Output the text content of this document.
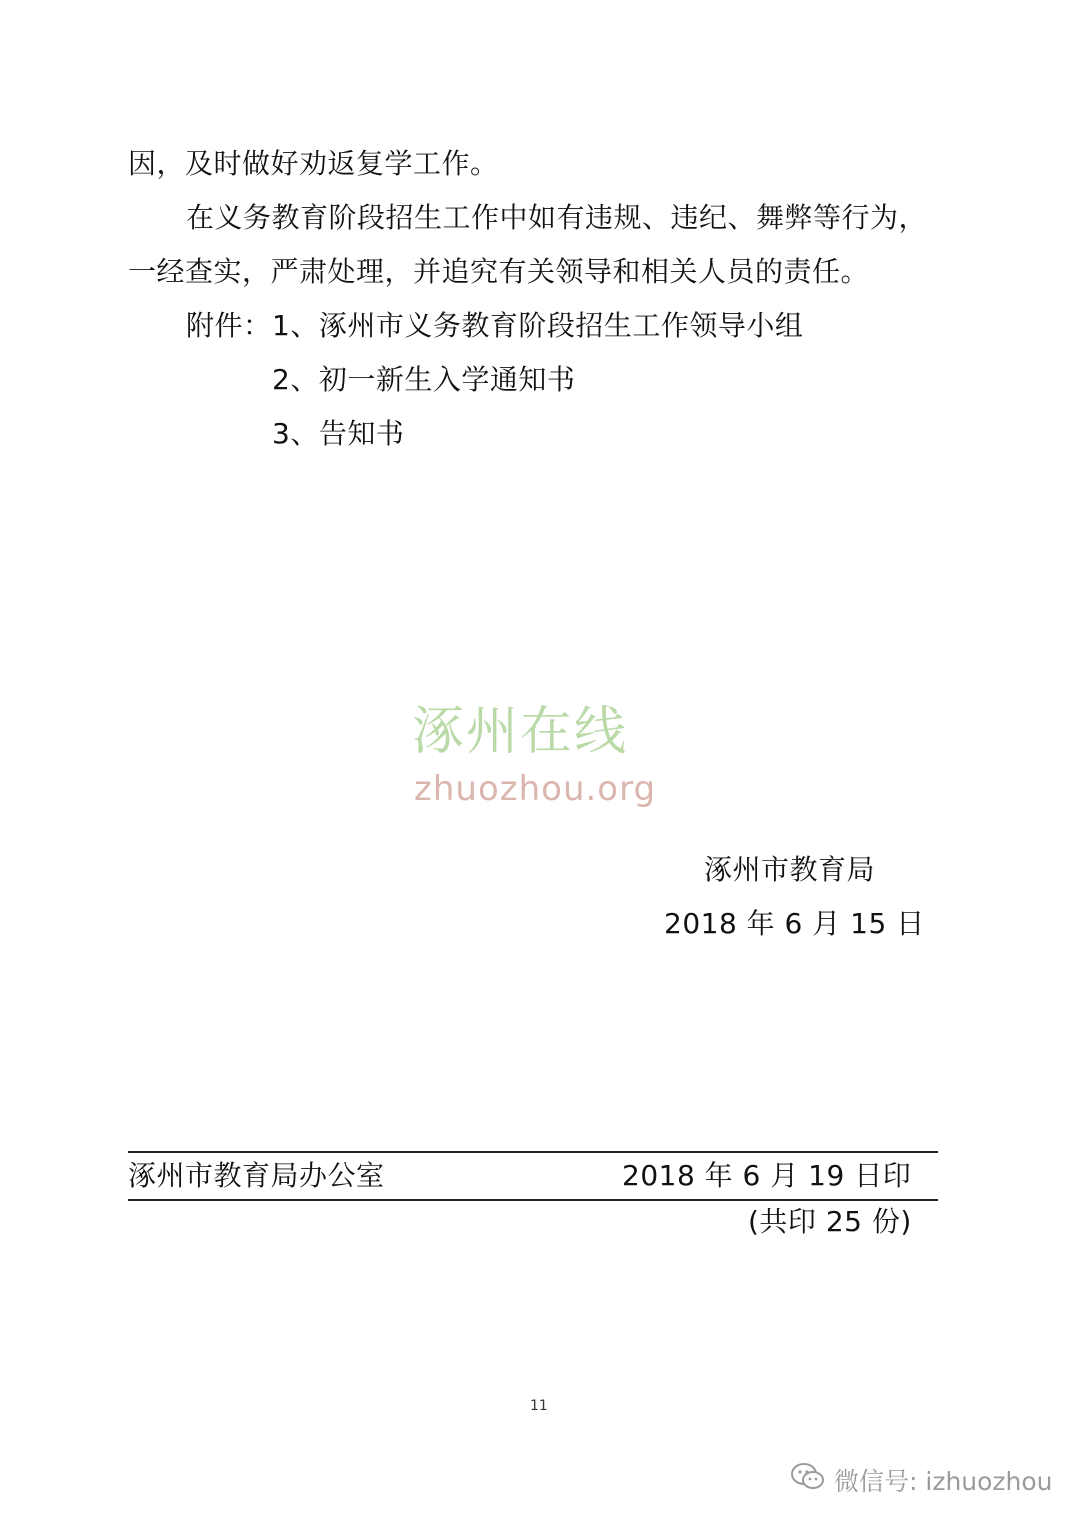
因，及时做好劝返复学工作。
在义务教育阶段招生工作中如有违规、违纪、舞弊等行为，
一经查实，严肃处理，并追究有关领导和相关人员的责任。
附件： 1、涿州市义务教育阶段招生工作领导小组
2、初一新生入学通知书
3、告知书
涿州在线
zhuozhou.org
涿州市教育局
2018 年 6 月 15 日
涿州市教育局办公室	2018 年 6 月 19 日印
(共印 25 份)
11
微信号: izhuozhou
